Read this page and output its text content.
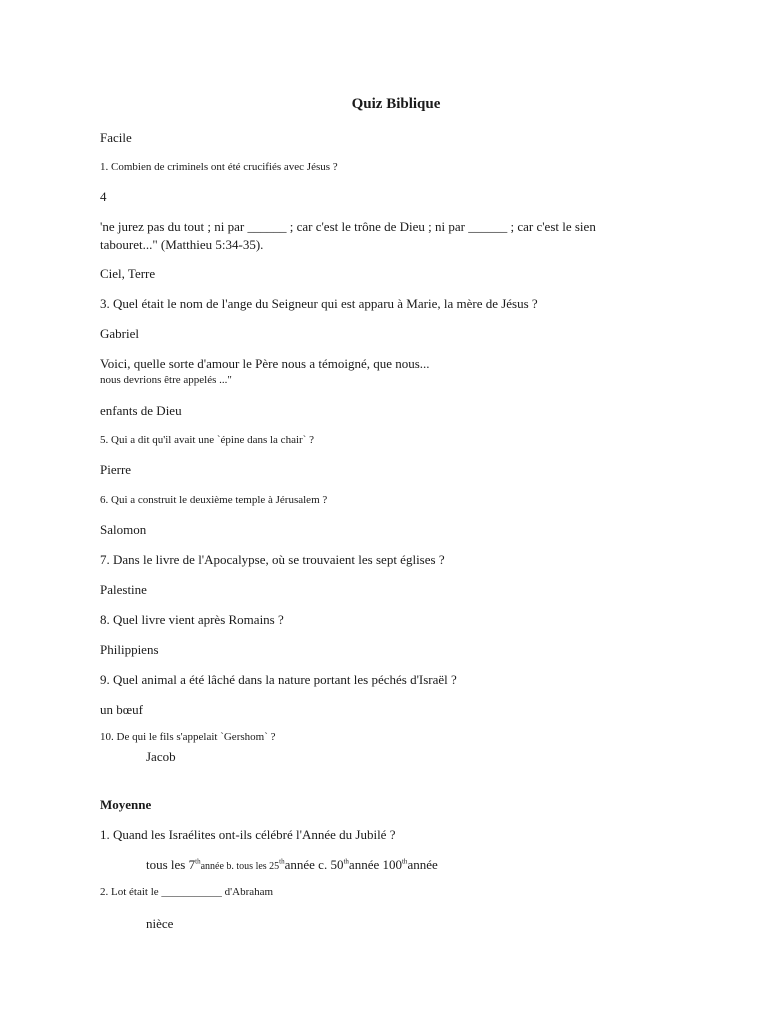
Quiz Biblique
Facile
1. Combien de criminels ont été crucifiés avec Jésus ?
4
'ne jurez pas du tout ; ni par ______ ; car c'est le trône de Dieu ; ni par ______ ; car c'est le sien
tabouret..." (Matthieu 5:34-35).
Ciel, Terre
3. Quel était le nom de l'ange du Seigneur qui est apparu à Marie, la mère de Jésus ?
Gabriel
Voici, quelle sorte d'amour le Père nous a témoigné, que nous...
nous devrions être appelés ..."
enfants de Dieu
5. Qui a dit qu'il avait une `épine dans la chair` ?
Pierre
6. Qui a construit le deuxième temple à Jérusalem ?
Salomon
7. Dans le livre de l'Apocalypse, où se trouvaient les sept églises ?
Palestine
8. Quel livre vient après Romains ?
Philippiens
9. Quel animal a été lâché dans la nature portant les péchés d'Israël ?
un bœuf
10. De qui le fils s'appelait `Gershom` ?
Jacob
Moyenne
1. Quand les Israélites ont-ils célébré l'Année du Jubilé ?
tous les 7thannée b. tous les 25thannée c. 50thannée 100thannée
2. Lot était le ___________ d'Abraham
nièce
